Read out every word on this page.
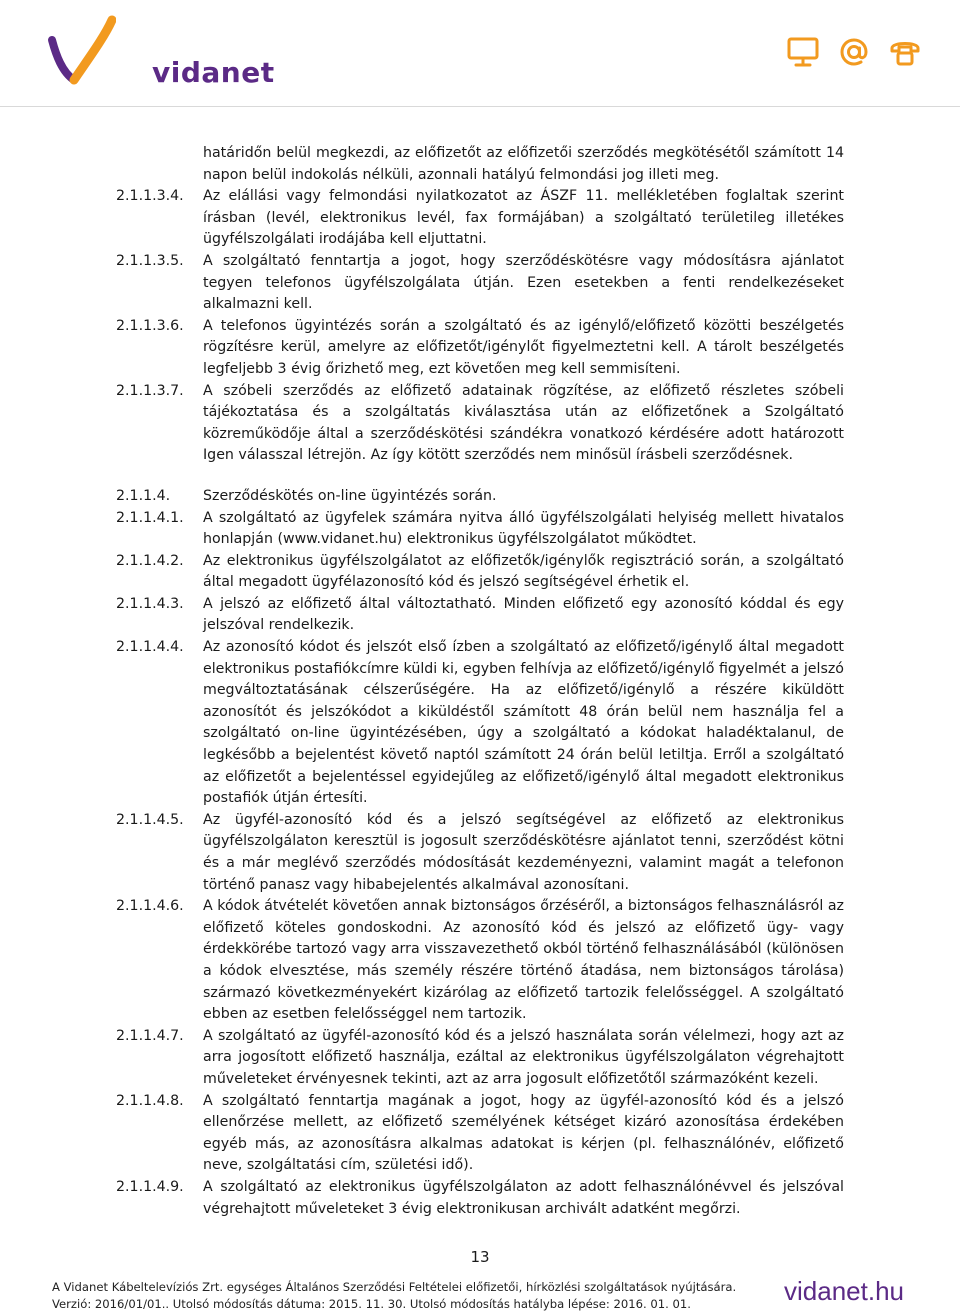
vidanet
határidőn belül megkezdi, az előfizetőt az előfizetői szerződés megkötésétől számított 14 napon belül indokolás nélküli, azonnali hatályú felmondási jog illeti meg.
2.1.1.3.4.	Az elállási vagy felmondási nyilatkozatot az ÁSZF 11. mellékletében foglaltak szerint írásban (levél, elektronikus levél, fax formájában) a szolgáltató területileg illetékes ügyfélszolgálati irodájába kell eljuttatni.
2.1.1.3.5.	A szolgáltató fenntartja a jogot, hogy szerződéskötésre vagy módosításra ajánlatot tegyen telefonos ügyfélszolgálata útján. Ezen esetekben a fenti rendelkezéseket alkalmazni kell.
2.1.1.3.6.	A telefonos ügyintézés során a szolgáltató és az igénylő/előfizető közötti beszélgetés rögzítésre kerül, amelyre az előfizetőt/igénylőt figyelmeztetni kell. A tárolt beszélgetés legfeljebb 3 évig őrizhető meg, ezt követően meg kell semmisíteni.
2.1.1.3.7.	A szóbeli szerződés az előfizető adatainak rögzítése, az előfizető részletes szóbeli tájékoztatása és a szolgáltatás kiválasztása után az előfizetőnek a Szolgáltató közreműködője által a szerződéskötési szándékra vonatkozó kérdésére adott határozott Igen válasszal létrejön. Az így kötött szerződés nem minősül írásbeli szerződésnek.
2.1.1.4.	Szerződéskötés on-line ügyintézés során.
2.1.1.4.1.	A szolgáltató az ügyfelek számára nyitva álló ügyfélszolgálati helyiség mellett hivatalos honlapján (www.vidanet.hu) elektronikus ügyfélszolgálatot működtet.
2.1.1.4.2.	Az elektronikus ügyfélszolgálatot az előfizetők/igénylők regisztráció során, a szolgáltató által megadott ügyfélazonosító kód és jelszó segítségével érhetik el.
2.1.1.4.3.	A jelszó az előfizető által változtatható. Minden előfizető egy azonosító kóddal és egy jelszóval rendelkezik.
2.1.1.4.4.	Az azonosító kódot és jelszót első ízben a szolgáltató az előfizető/igénylő által megadott elektronikus postafiókcímre küldi ki, egyben felhívja az előfizető/igénylő figyelmét a jelszó megváltoztatásának célszerűségére. Ha az előfizető/igénylő a részére kiküldött azonosítót és jelszókódot a kiküldéstől számított 48 órán belül nem használja fel a szolgáltató on-line ügyintézésében, úgy a szolgáltató a kódokat haladéktalanul, de legkésőbb a bejelentést követő naptól számított 24 órán belül letiltja. Erről a szolgáltató az előfizetőt a bejelentéssel egyidejűleg az előfizető/igénylő által megadott elektronikus postafiók útján értesíti.
2.1.1.4.5.	Az ügyfél-azonosító kód és a jelszó segítségével az előfizető az elektronikus ügyfélszolgálaton keresztül is jogosult szerződéskötésre ajánlatot tenni, szerződést kötni és a már meglévő szerződés módosítását kezdeményezni, valamint magát a telefonon történő panasz vagy hibabejelentés alkalmával azonosítani.
2.1.1.4.6.	A kódok átvételét követően annak biztonságos őrzéséről, a biztonságos felhasználásról az előfizető köteles gondoskodni. Az azonosító kód és jelszó az előfizető ügy- vagy érdekkörébe tartozó vagy arra visszavezethető okból történő felhasználásából (különösen a kódok elvesztése, más személy részére történő átadása, nem biztonságos tárolása) származó következményekért kizárólag az előfizető tartozik felelősséggel. A szolgáltató ebben az esetben felelősséggel nem tartozik.
2.1.1.4.7.	A szolgáltató az ügyfél-azonosító kód és a jelszó használata során vélelmezi, hogy azt az arra jogosított előfizető használja, ezáltal az elektronikus ügyfélszolgálaton végrehajtott műveleteket érvényesnek tekinti, azt az arra jogosult előfizetőtől származóként kezeli.
2.1.1.4.8.	A szolgáltató fenntartja magának a jogot, hogy az ügyfél-azonosító kód és a jelszó ellenőrzése mellett, az előfizető személyének kétséget kizáró azonosítása érdekében egyéb más, az azonosításra alkalmas adatokat is kérjen (pl. felhasználónév, előfizető neve, szolgáltatási cím, születési idő).
2.1.1.4.9.	A szolgáltató az elektronikus ügyfélszolgálaton az adott felhasználónévvel és jelszóval végrehajtott műveleteket 3 évig elektronikusan archivált adatként megőrzi.
13
A Vidanet Kábeltelevíziós Zrt. egységes Általános Szerződési Feltételei előfizetői, hírközlési szolgáltatások nyújtására.
Verzió: 2016/01/01.. Utolsó módosítás dátuma: 2015. 11. 30. Utolsó módosítás hatályba lépése: 2016. 01. 01.	vidanet.hu
